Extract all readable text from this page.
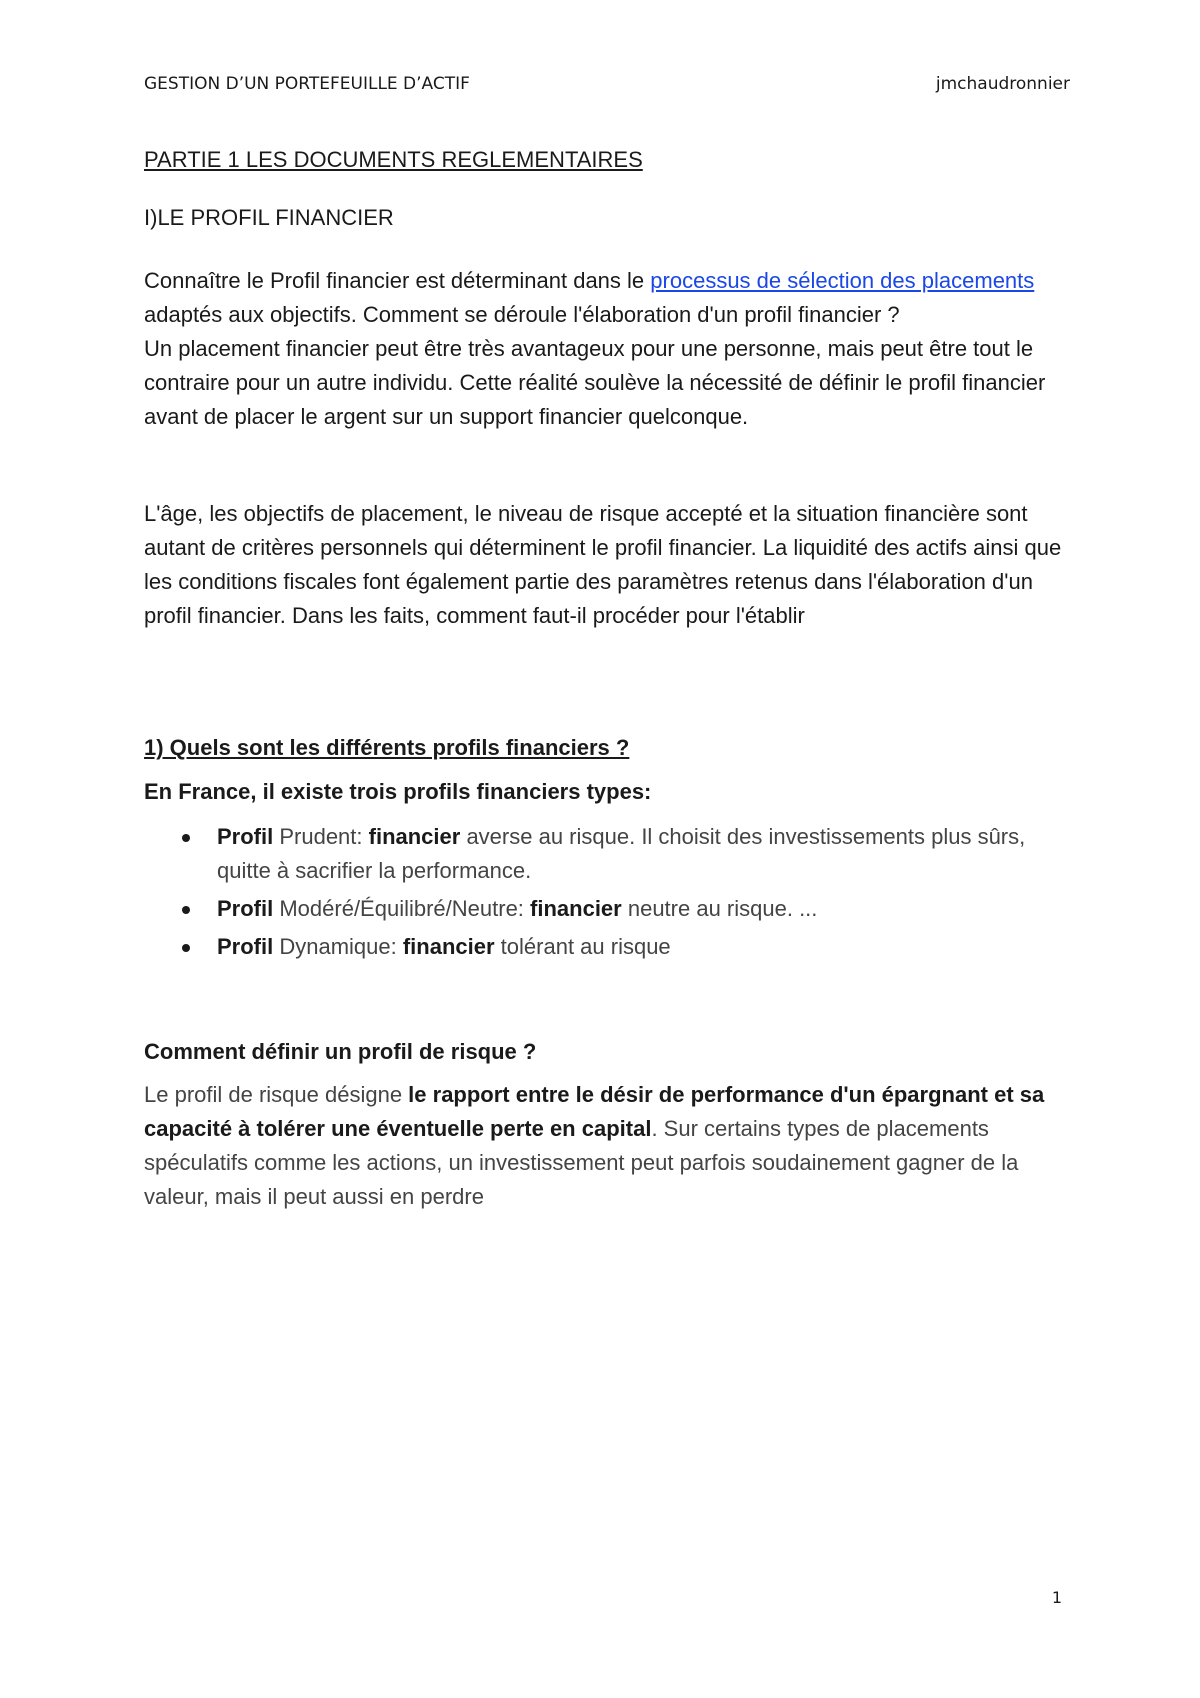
GESTION D’UN PORTEFEUILLE D’ACTIF	jmchaudronnier
PARTIE 1 LES DOCUMENTS REGLEMENTAIRES
I)LE PROFIL FINANCIER

Connaître le Profil financier est déterminant dans le processus de sélection des placements adaptés aux objectifs. Comment se déroule l'élaboration d'un profil financier ?

Un placement financier peut être très avantageux pour une personne, mais peut être tout le contraire pour un autre individu. Cette réalité soulève la nécessité de définir le profil financier avant de placer le argent sur un support financier quelconque.

L'âge, les objectifs de placement, le niveau de risque accepté et la situation financière sont autant de critères personnels qui déterminent le profil financier. La liquidité des actifs ainsi que les conditions fiscales font également partie des paramètres retenus dans l'élaboration d'un profil financier. Dans les faits, comment faut-il procéder pour l'établir

1) Quels sont les différents profils financiers ?
En France, il existe trois profils financiers types:
Profil Prudent: financier averse au risque. Il choisit des investissements plus sûrs, quitte à sacrifier la performance.
Profil Modéré/Équilibré/Neutre: financier neutre au risque. ...
Profil Dynamique: financier tolérant au risque
Comment définir un profil de risque ?

Le profil de risque désigne le rapport entre le désir de performance d'un épargnant et sa capacité à tolérer une éventuelle perte en capital. Sur certains types de placements spéculatifs comme les actions, un investissement peut parfois soudainement gagner de la valeur, mais il peut aussi en perdre

1
